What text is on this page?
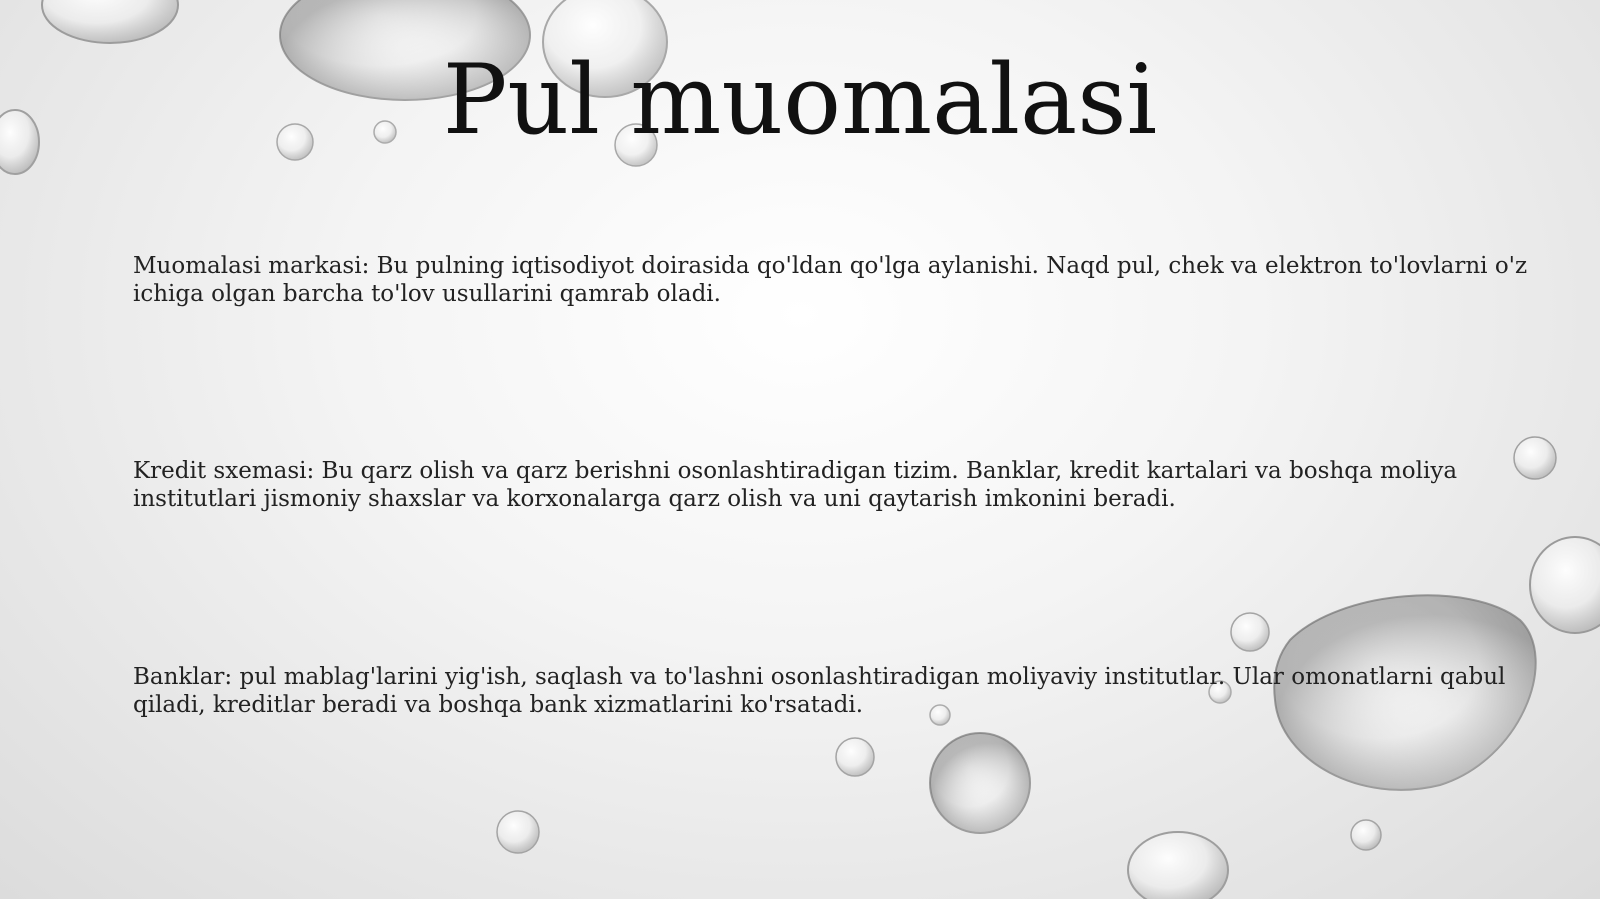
Pul muomalasi

Muomalasi markasi: Bu pulning iqtisodiyot doirasida qo'ldan qo'lga aylanishi. Naqd pul, chek va elektron to'lovlarni o'z ichiga olgan barcha to'lov usullarini qamrab oladi.

Kredit sxemasi: Bu qarz olish va qarz berishni osonlashtiradigan tizim. Banklar, kredit kartalari va boshqa moliya institutlari jismoniy shaxslar va korxonalarga qarz olish va uni qaytarish imkonini beradi.

Banklar: pul mablag'larini yig'ish, saqlash va to'lashni osonlashtiradigan moliyaviy institutlar. Ular omonatlarni qabul qiladi, kreditlar beradi va boshqa bank xizmatlarini ko'rsatadi.
